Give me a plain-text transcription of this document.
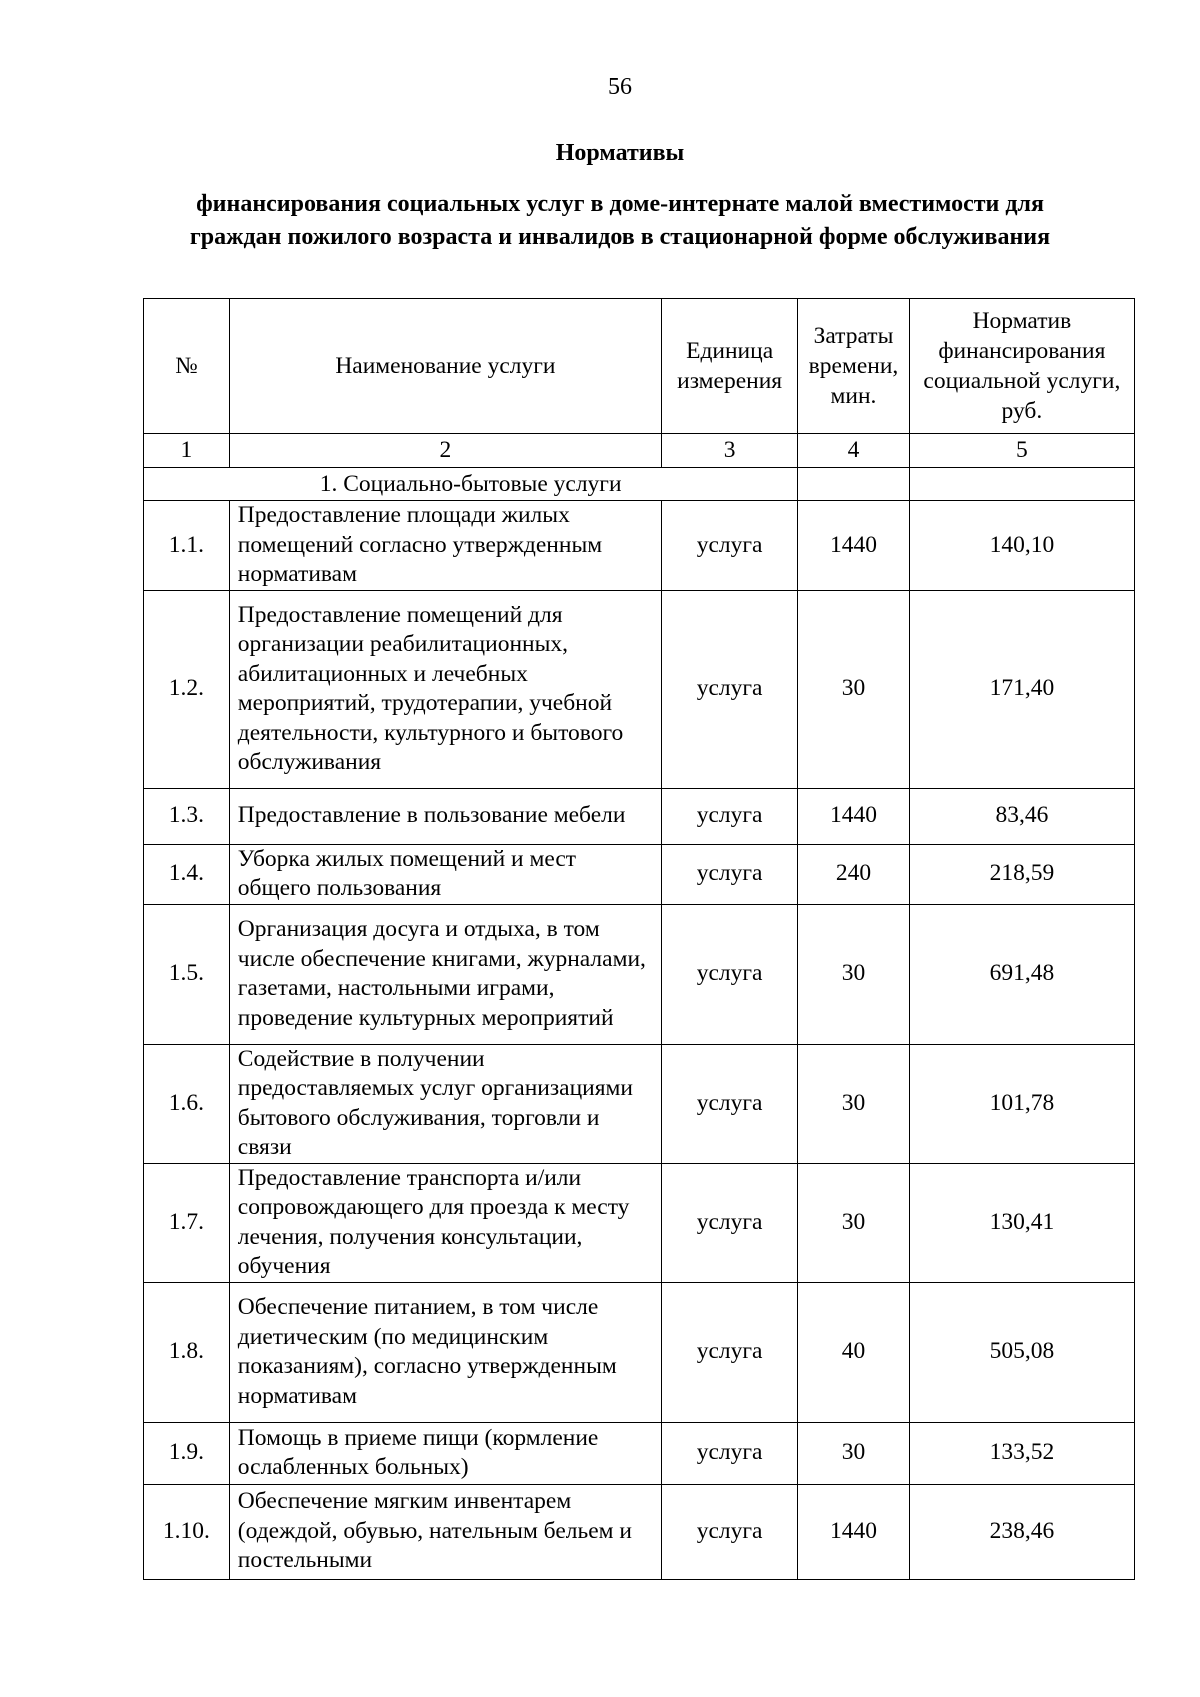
56
Нормативы
финансирования социальных услуг в доме-интернате малой вместимости для граждан пожилого возраста и инвалидов в стационарной форме обслуживания
№	Наименование услуги	Единица измерения	Затраты времени, мин.	Норматив финансирования социальной услуги, руб.
1	2	3	4	5
1. Социально-бытовые услуги				
1.1.	Предоставление площади жилых помещений согласно утвержденным нормативам	услуга	1440	140,10
1.2.	Предоставление помещений для организации реабилитационных, абилитационных и лечебных мероприятий, трудотерапии, учебной деятельности, культурного и бытового обслуживания	услуга	30	171,40
1.3.	Предоставление в пользование мебели	услуга	1440	83,46
1.4.	Уборка жилых помещений и мест общего пользования	услуга	240	218,59
1.5.	Организация досуга и отдыха, в том числе обеспечение книгами, журналами, газетами, настольными играми, проведение культурных мероприятий	услуга	30	691,48
1.6.	Содействие в получении предоставляемых услуг организациями бытового обслуживания, торговли и связи	услуга	30	101,78
1.7.	Предоставление транспорта и/или сопровождающего для проезда к месту лечения, получения консультации, обучения	услуга	30	130,41
1.8.	Обеспечение питанием, в том числе диетическим (по медицинским показаниям), согласно утвержденным нормативам	услуга	40	505,08
1.9.	Помощь в приеме пищи (кормление ослабленных больных)	услуга	30	133,52
1.10.	Обеспечение мягким инвентарем (одеждой, обувью, нательным бельем и постельными	услуга	1440	238,46
